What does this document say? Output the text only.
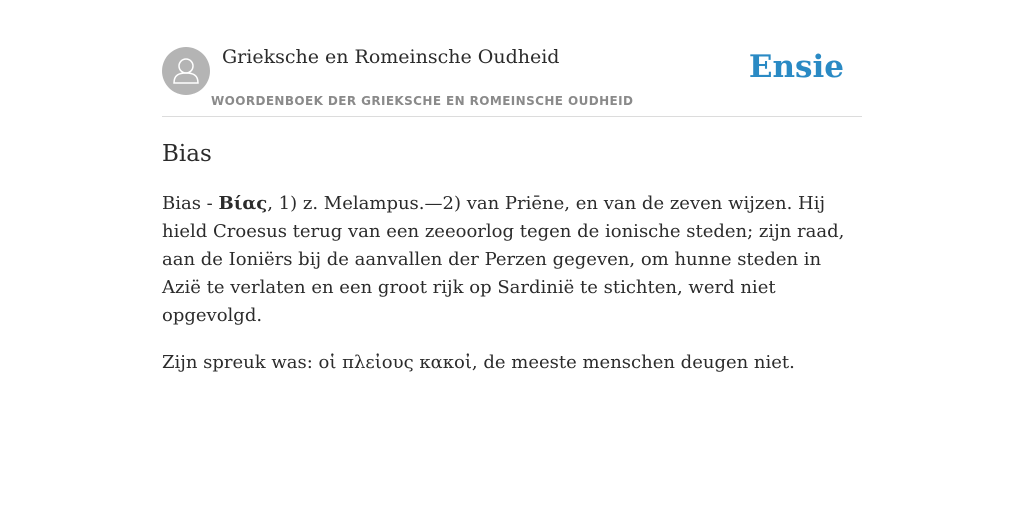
Grieksche en Romeinsche Oudheid
WOORDENBOEK DER GRIEKSCHE EN ROMEINSCHE OUDHEID
Ensie
Bias

Bias - Βίας, 1) z. Melampus.—2) van Priēne, en van de zeven wijzen. Hij hield Croesus terug van een zeeoorlog tegen de ionische steden; zijn raad, aan de Ioniërs bij de aanvallen der Perzen gegeven, om hunne steden in Azië te verlaten en een groot rijk op Sardinië te stichten, werd niet opgevolgd.

Zijn spreuk was: οἱ πλεἰους κακοἰ, de meeste menschen deugen niet.
